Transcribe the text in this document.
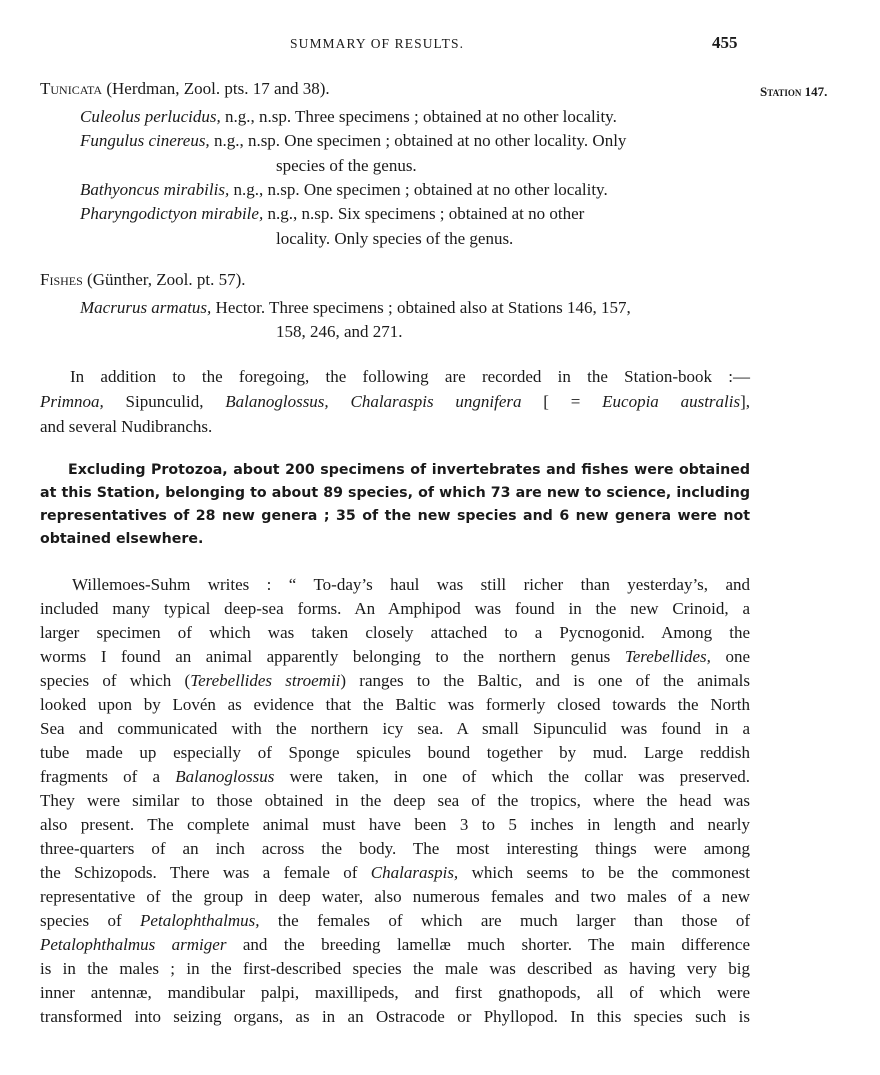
SUMMARY OF RESULTS.	455
Station 147.
Tunicata (Herdman, Zool. pts. 17 and 38).
Culeolus perlucidus, n.g., n.sp. Three specimens ; obtained at no other locality.
Fungulus cinereus, n.g., n.sp. One specimen ; obtained at no other locality. Only
species of the genus.
Bathyoncus mirabilis, n.g., n.sp. One specimen ; obtained at no other locality.
Pharyngodictyon mirabile, n.g., n.sp. Six specimens ; obtained at no other
locality. Only species of the genus.
Fishes (Günther, Zool. pt. 57).
Macrurus armatus, Hector. Three specimens ; obtained also at Stations 146, 157,
158, 246, and 271.
In addition to the foregoing, the following are recorded in the Station-book :—
Primnoa, Sipunculid, Balanoglossus, Chalaraspis ungnifera [ = Eucopia australis],
and several Nudibranchs.
Excluding Protozoa, about 200 specimens of invertebrates and fishes were obtained
at this Station, belonging to about 89 species, of which 73 are new to science, including
representatives of 28 new genera ; 35 of the new species and 6 new genera were not
obtained elsewhere.
Willemoes-Suhm writes : “ To-day’s haul was still richer than yesterday’s, and
included many typical deep-sea forms. An Amphipod was found in the new Crinoid, a
larger specimen of which was taken closely attached to a Pycnogonid. Among the
worms I found an animal apparently belonging to the northern genus Terebellides, one
species of which (Terebellides stroemii) ranges to the Baltic, and is one of the animals
looked upon by Lovén as evidence that the Baltic was formerly closed towards the North
Sea and communicated with the northern icy sea. A small Sipunculid was found in a
tube made up especially of Sponge spicules bound together by mud. Large reddish
fragments of a Balanoglossus were taken, in one of which the collar was preserved.
They were similar to those obtained in the deep sea of the tropics, where the head was
also present. The complete animal must have been 3 to 5 inches in length and nearly
three-quarters of an inch across the body. The most interesting things were among
the Schizopods. There was a female of Chalaraspis, which seems to be the commonest
representative of the group in deep water, also numerous females and two males of a new
species of Petalophthalmus, the females of which are much larger than those of
Petalophthalmus armiger and the breeding lamellæ much shorter. The main difference
is in the males ; in the first-described species the male was described as having very big
inner antennæ, mandibular palpi, maxillipeds, and first gnathopods, all of which were
transformed into seizing organs, as in an Ostracode or Phyllopod. In this species such is
